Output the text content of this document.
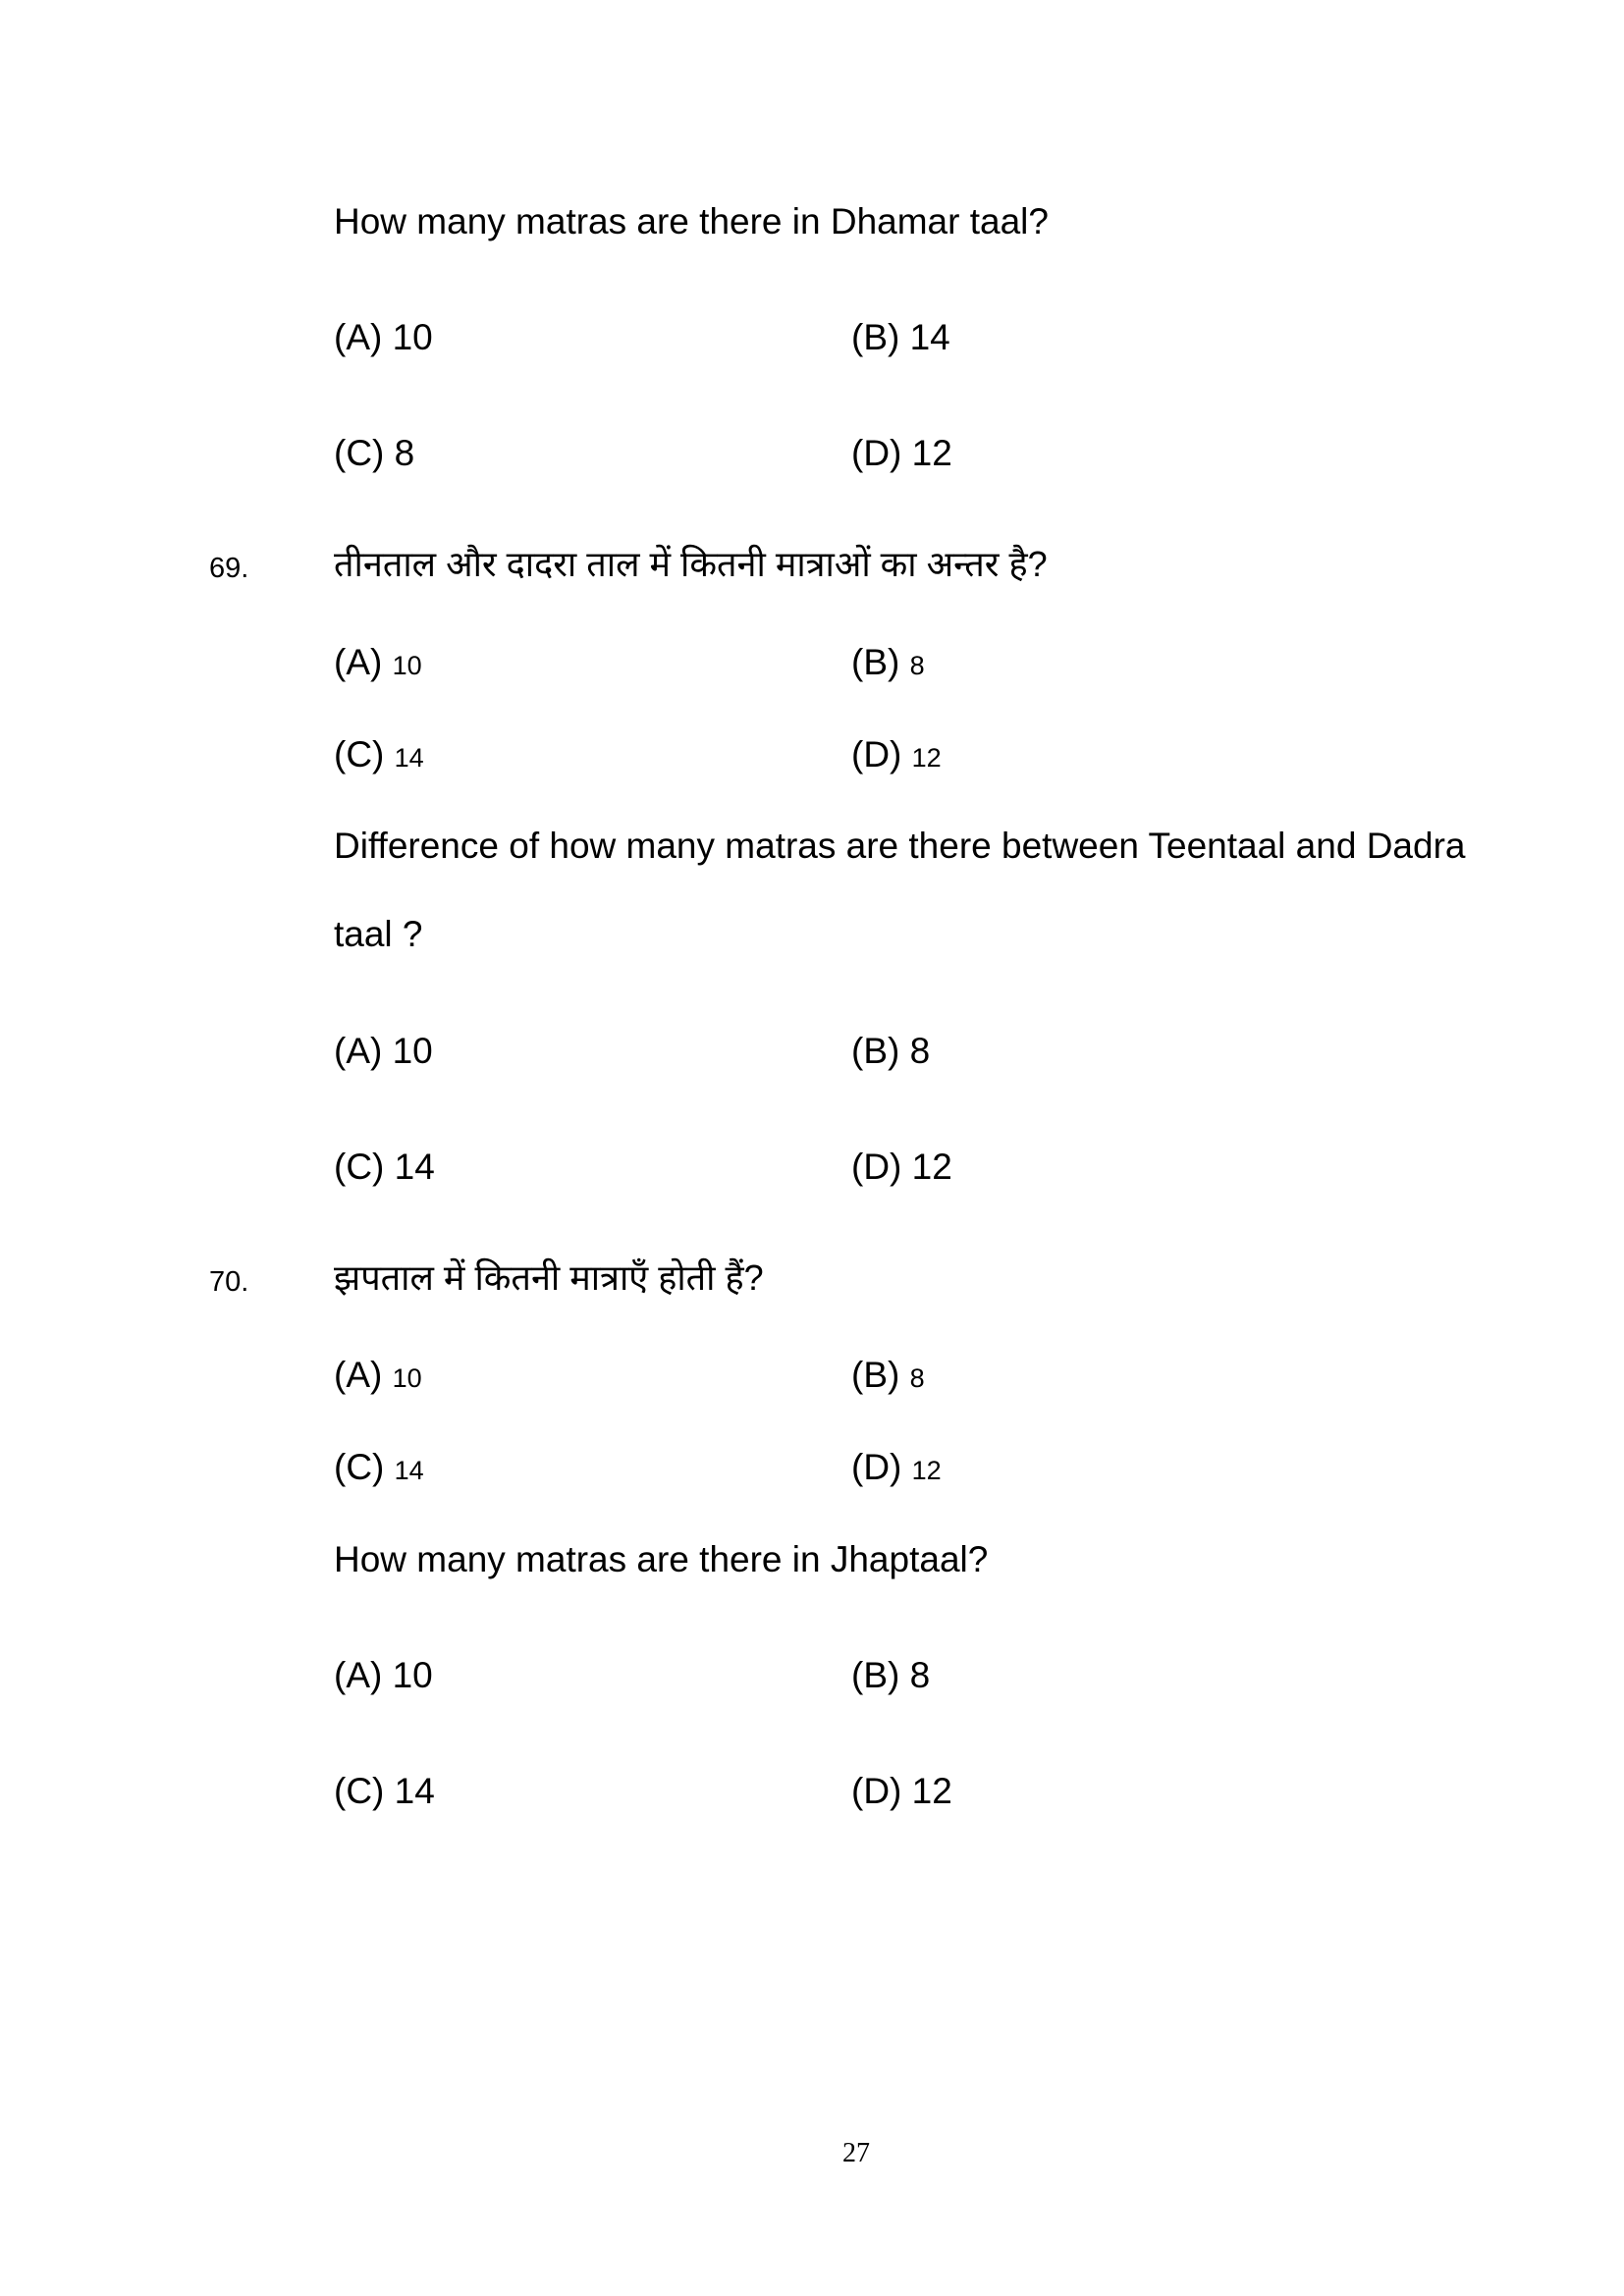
How many matras are there in Dhamar taal?
(A) 10	(B) 14
(C) 8	(D) 12
69. तीनताल और दादरा ताल में कितनी मात्राओं का अन्तर है?
(A) 10	(B) 8
(C) 14	(D) 12
Difference of how many matras are there between Teentaal and Dadra
taal ?
(A) 10	(B) 8
(C) 14	(D) 12
70. झपताल में कितनी मात्राएँ होती हैं?
(A) 10	(B) 8
(C) 14	(D) 12
How many matras are there in Jhaptaal?
(A) 10	(B) 8
(C) 14	(D) 12
27
